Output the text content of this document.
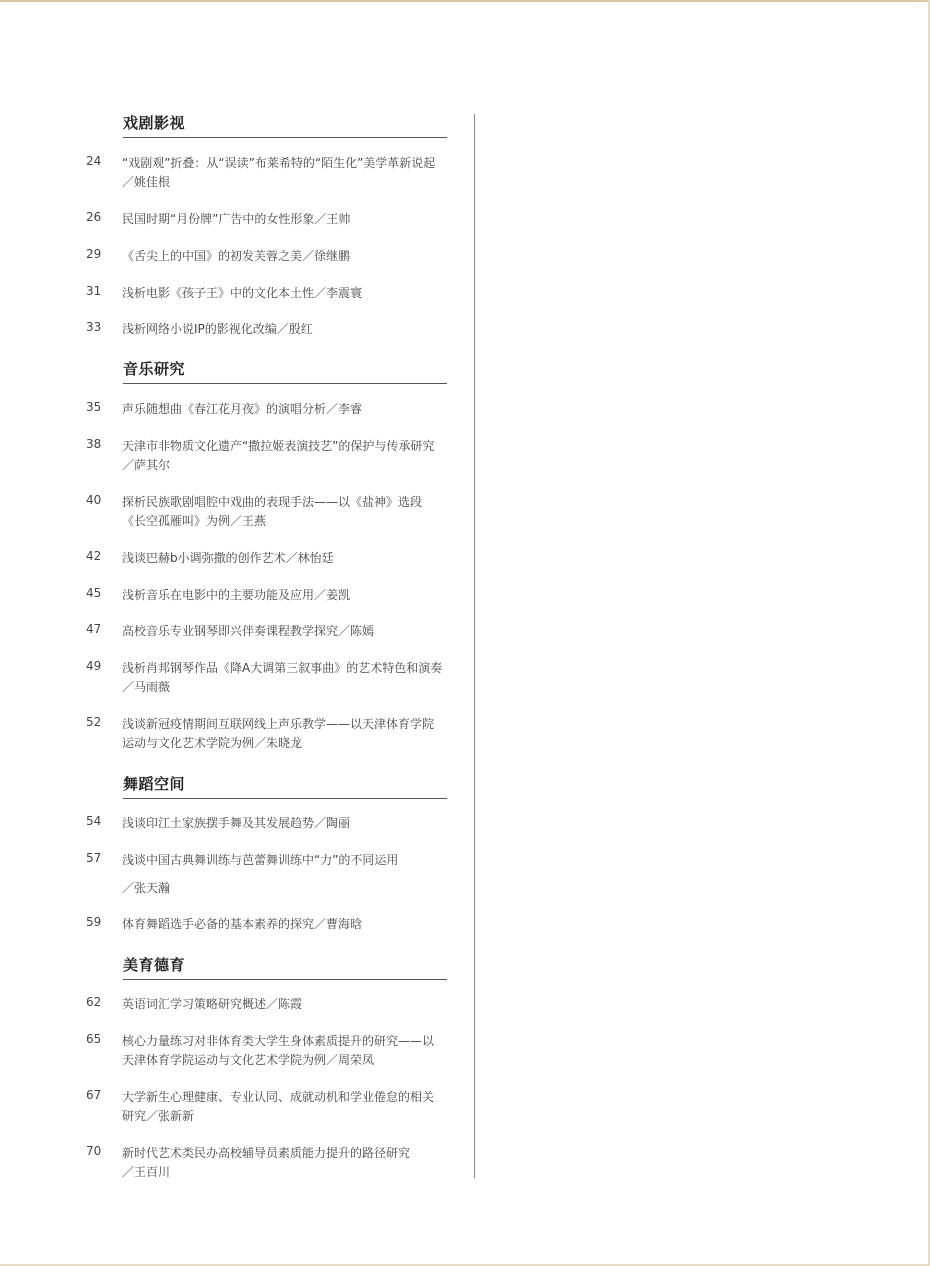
戏剧影视
24 “戏剧观”折叠：从“误读”布莱希特的“陌生化”美学革新说起
／姚佳根
26 民国时期“月份牌”广告中的女性形象／王帅
29 《舌尖上的中国》的初发芙蓉之美／徐继鹏
31 浅析电影《孩子王》中的文化本土性／李震寰
33 浅析网络小说IP的影视化改编／殷红
音乐研究
35 声乐随想曲《春江花月夜》的演唱分析／李睿
38 天津市非物质文化遗产“撒拉姬表演技艺”的保护与传承研究
／萨其尔
40 探析民族歌剧唱腔中戏曲的表现手法——以《盐神》选段
《长空孤雁叫》为例／王燕
42 浅谈巴赫b小调弥撒的创作艺术／林怡廷
45 浅析音乐在电影中的主要功能及应用／姜凯
47 高校音乐专业钢琴即兴伴奏课程教学探究／陈嫣
49 浅析肖邦钢琴作品《降A大调第三叙事曲》的艺术特色和演奏
／马雨薇
52 浅谈新冠疫情期间互联网线上声乐教学——以天津体育学院
运动与文化艺术学院为例／朱晓龙
舞蹈空间
54 浅谈印江土家族摆手舞及其发展趋势／陶丽
57 浅谈中国古典舞训练与芭蕾舞训练中“力”的不同运用
／张天瀚
59 体育舞蹈选手必备的基本素养的探究／曹海晗
美育德育
62 英语词汇学习策略研究概述／陈霞
65 核心力量练习对非体育类大学生身体素质提升的研究——以
天津体育学院运动与文化艺术学院为例／周荣凤
67 大学新生心理健康、专业认同、成就动机和学业倦怠的相关
研究／张新新
70 新时代艺术类民办高校辅导员素质能力提升的路径研究
／王百川
